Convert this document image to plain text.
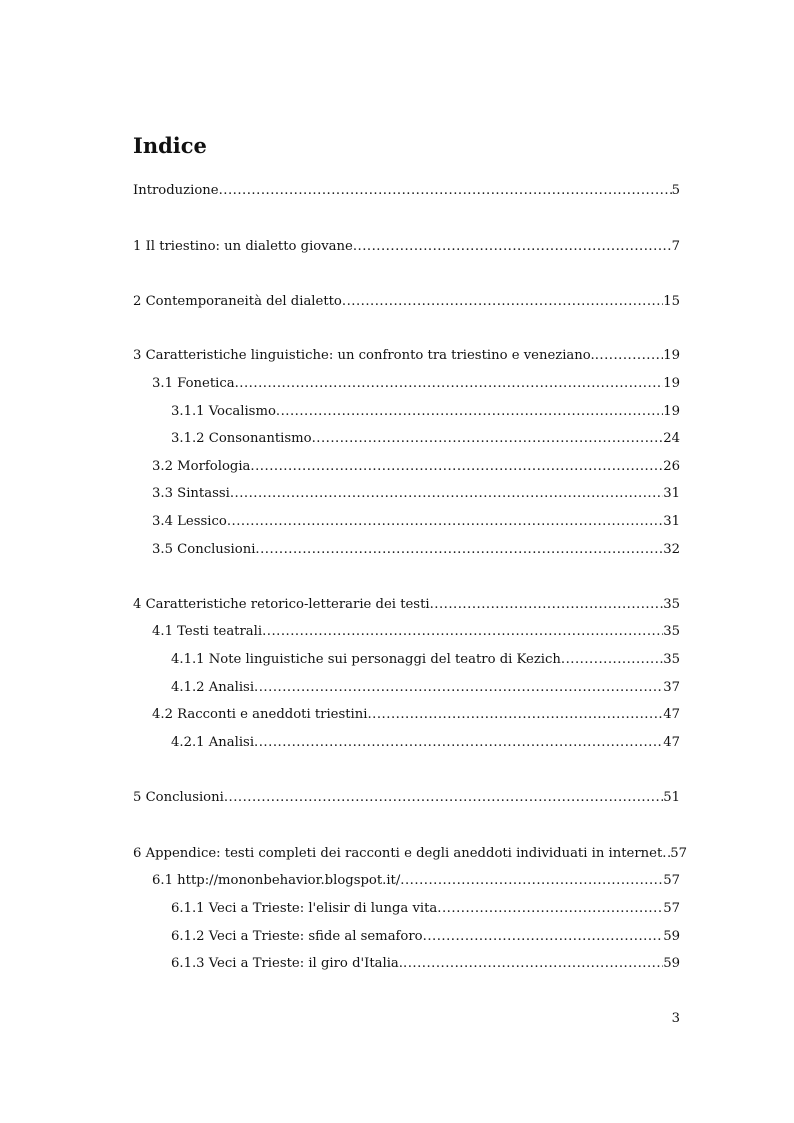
Indice
Introduzione .....	5
1 Il triestino: un dialetto giovane .....	7
2 Contemporaneità del dialetto .....	15
3 Caratteristiche linguistiche: un confronto tra triestino e veneziano. .....	19
3.1 Fonetica .....	19
3.1.1 Vocalismo .....	19
3.1.2 Consonantismo .....	24
3.2 Morfologia .....	26
3.3 Sintassi .....	31
3.4 Lessico .....	31
3.5 Conclusioni .....	32
4 Caratteristiche retorico-letterarie dei testi .....	35
4.1 Testi teatrali .....	35
4.1.1 Note linguistiche sui personaggi del teatro di Kezich .....	35
4.1.2 Analisi .....	37
4.2 Racconti e aneddoti triestini .....	47
4.2.1 Analisi .....	47
5 Conclusioni .....	51
6 Appendice: testi completi dei racconti e degli aneddoti individuati in internet ..... 57
6.1 http://mononbehavior.blogspot.it/ .....	57
6.1.1 Veci a Trieste: l'elisir di lunga vita .....	57
6.1.2 Veci a Trieste: sfide al semaforo .....	59
6.1.3 Veci a Trieste: il giro d'Italia. .....	59
3
